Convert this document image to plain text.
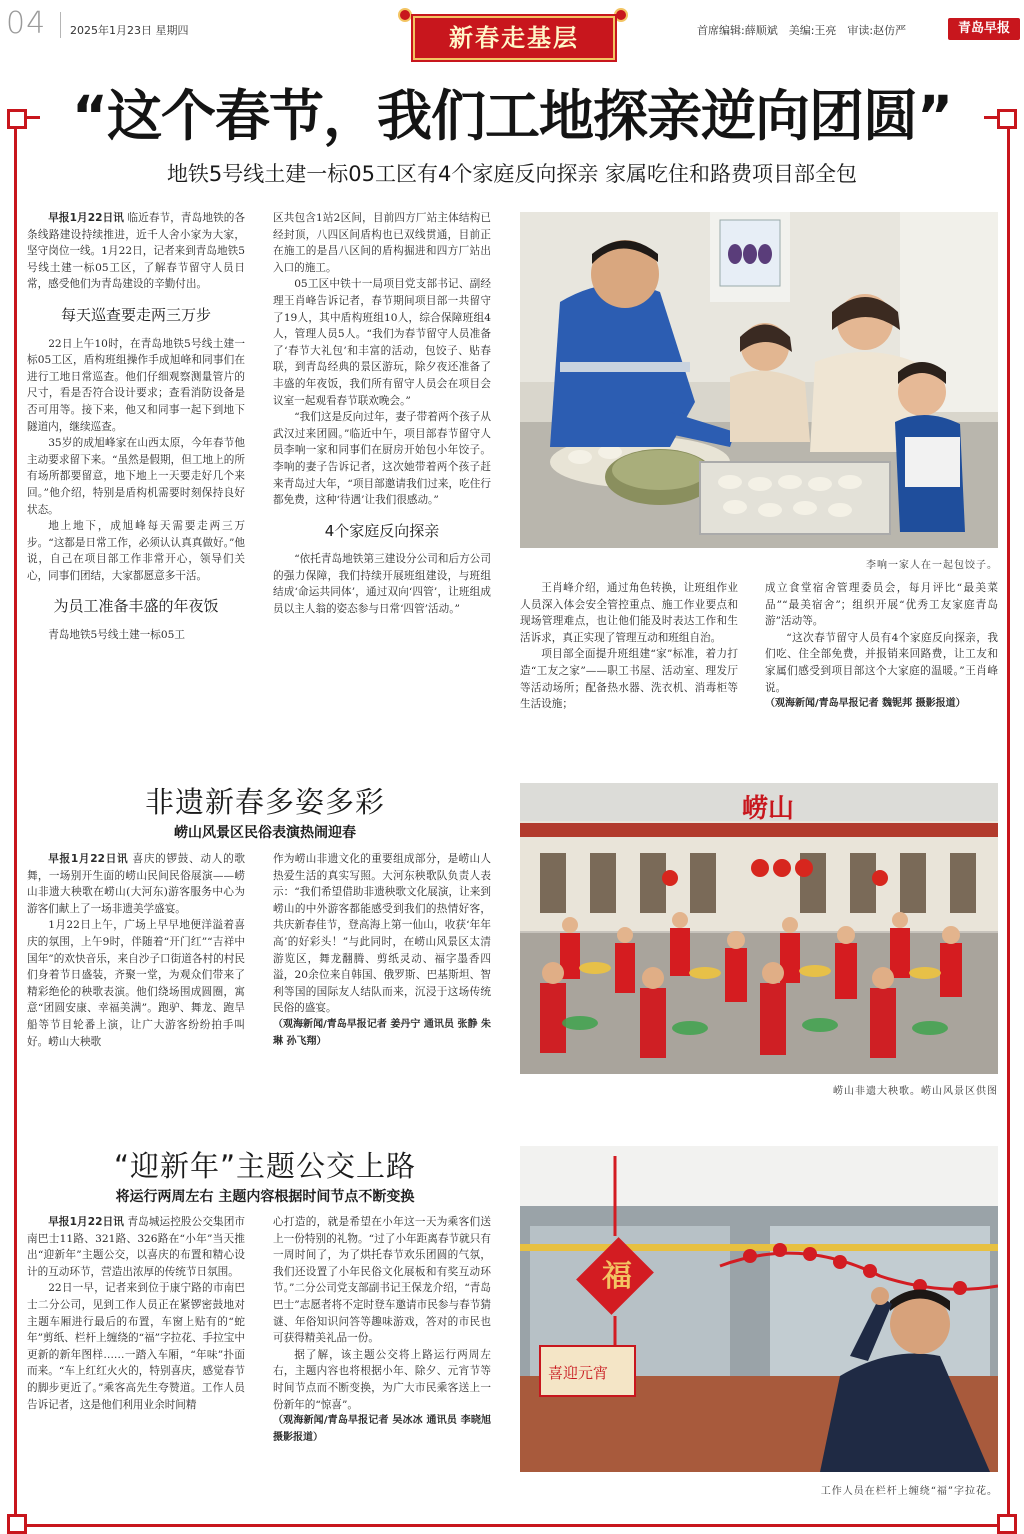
04 2025年1月23日 星期四	新春走基层	首席编辑:薛顺斌　美编:王亮　审读:赵仿严	青岛早报
“这个春节，我们工地探亲逆向团圆”
地铁5号线土建一标05工区有4个家庭反向探亲 家属吃住和路费项目部全包

早报1月22日讯 临近春节，青岛地铁的各条线路建设持续推进，近千人舍小家为大家，坚守岗位一线。1月22日，记者来到青岛地铁5号线土建一标05工区，了解春节留守人员日常，感受他们为青岛建设的辛勤付出。

每天巡查要走两三万步

22日上午10时，在青岛地铁5号线土建一标05工区，盾构班组操作手成旭峰和同事们在进行工地日常巡查。他们仔细观察测量管片的尺寸，看是否符合设计要求；查看消防设备是否可用等。接下来，他又和同事一起下到地下隧道内，继续巡查。

35岁的成旭峰家在山西太原，今年春节他主动要求留下来。“虽然是假期，但工地上的所有场所都要留意，地下地上一天要走好几个来回。”他介绍，特别是盾构机需要时刻保持良好状态。

地上地下，成旭峰每天需要走两三万步。“这都是日常工作，必须认认真真做好。”他说，自己在项目部工作非常开心，领导们关心，同事们团结，大家都愿意多干活。

为员工准备丰盛的年夜饭

青岛地铁5号线土建一标05工

区共包含1站2区间，目前四方厂站主体结构已经封顶，八四区间盾构也已双线贯通，目前正在施工的是昌八区间的盾构掘进和四方厂站出入口的施工。

05工区中铁十一局项目党支部书记、副经理王肖峰告诉记者，春节期间项目部一共留守了19人，其中盾构班组10人，综合保障班组4人，管理人员5人。“我们为春节留守人员准备了‘春节大礼包’和丰富的活动，包饺子、贴春联，到青岛经典的景区游玩，除夕夜还准备了丰盛的年夜饭，我们所有留守人员会在项目会议室一起观看春节联欢晚会。”

“我们这是反向过年，妻子带着两个孩子从武汉过来团圆。”临近中午，项目部春节留守人员李响一家和同事们在厨房开始包小年饺子。李响的妻子告诉记者，这次她带着两个孩子赶来青岛过大年，“项目部邀请我们过来，吃住行都免费，这种‘待遇’让我们很感动。”

4个家庭反向探亲

“依托青岛地铁第三建设分公司和后方公司的强力保障，我们持续开展班组建设，与班组结成‘命运共同体’，通过双向‘四管’，让班组成员以主人翁的姿态参与日常‘四管’活动。”

李响一家人在一起包饺子。

王肖峰介绍，通过角色转换，让班组作业人员深入体会安全管控重点、施工作业要点和现场管理难点，也让他们能及时表达工作和生活诉求，真正实现了管理互动和班组自治。

项目部全面提升班组建“家”标准，着力打造“工友之家”——职工书屋、活动室、理发厅等活动场所；配备热水器、洗衣机、消毒柜等生活设施；

成立食堂宿舍管理委员会，每月评比“最美菜品”“最美宿舍”；组织开展“优秀工友家庭青岛游”活动等。

“这次春节留守人员有4个家庭反向探亲，我们吃、住全部免费，并报销来回路费，让工友和家属们感受到项目部这个大家庭的温暖。”王肖峰说。

（观海新闻/青岛早报记者 魏铌邦 摄影报道）

非遗新春多姿多彩
崂山风景区民俗表演热闹迎春

早报1月22日讯 喜庆的锣鼓、动人的歌舞，一场别开生面的崂山民间民俗展演——崂山非遗大秧歌在崂山(大河东)游客服务中心为游客们献上了一场非遗美学盛宴。

1月22日上午，广场上早早地便洋溢着喜庆的氛围，上午9时，伴随着“开门红”“吉祥中国年”的欢快音乐，来自沙子口街道各村的村民们身着节日盛装，齐聚一堂，为观众们带来了精彩绝伦的秧歌表演。他们绕场围成圆圈，寓意“团圆安康、幸福美满”。跑驴、舞龙、跑旱船等节目轮番上演，让广大游客纷纷拍手叫好。崂山大秧歌

作为崂山非遗文化的重要组成部分，是崂山人热爱生活的真实写照。大河东秧歌队负责人表示：“我们希望借助非遗秧歌文化展演，让来到崂山的中外游客都能感受到我们的热情好客，共庆新春佳节，登高海上第一仙山，收获‘年年高’的好彩头！”与此同时，在崂山风景区太清游览区，舞龙翻腾、剪纸灵动、福字墨香四溢，20余位来自韩国、俄罗斯、巴基斯坦、智利等国的国际友人结队而来，沉浸于这场传统民俗的盛宴。

（观海新闻/青岛早报记者 姜丹宁 通讯员 张静 朱琳 孙飞翔）

崂山
崂山非遗大秧歌。崂山风景区供图
“迎新年”主题公交上路
将运行两周左右 主题内容根据时间节点不断变换

早报1月22日讯 青岛城运控股公交集团市南巴士11路、321路、326路在“小年”当天推出“迎新年”主题公交，以喜庆的布置和精心设计的互动环节，营造出浓厚的传统节日氛围。

22日一早，记者来到位于康宁路的市南巴士二分公司，见到工作人员正在紧锣密鼓地对主题车厢进行最后的布置，车窗上贴有的“蛇年”剪纸、栏杆上缠绕的“福”字拉花、手拉宝中更新的新年图样……一踏入车厢，“年味”扑面而来。“车上红红火火的，特别喜庆，感觉春节的脚步更近了。”乘客高先生夸赞道。工作人员告诉记者，这是他们利用业余时间精

心打造的，就是希望在小年这一天为乘客们送上一份特别的礼物。“过了小年距离春节就只有一周时间了，为了烘托春节欢乐团圆的气氛，我们还设置了小年民俗文化展板和有奖互动环节。”二分公司党支部副书记王保龙介绍，“青岛巴士”志愿者将不定时登车邀请市民参与春节猜谜、年俗知识问答等趣味游戏，答对的市民也可获得精美礼品一份。

据了解，该主题公交将上路运行两周左右，主题内容也将根据小年、除夕、元宵节等时间节点而不断变换，为广大市民乘客送上一份新年的“惊喜”。

（观海新闻/青岛早报记者 吴冰冰 通讯员 李晓旭 摄影报道）

福
喜迎元宵
工作人员在栏杆上缠绕“福”字拉花。
